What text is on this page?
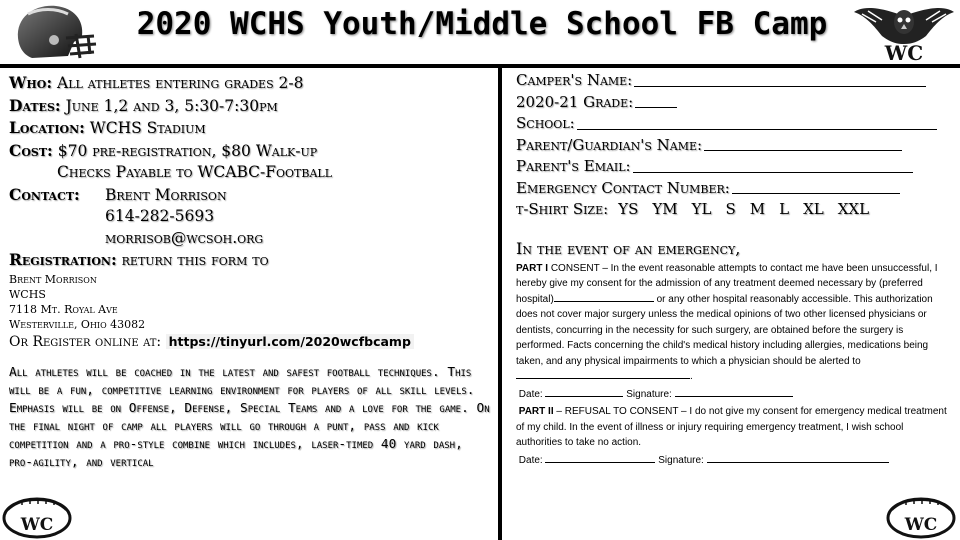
2020 WCHS Youth/Middle School FB Camp
WC
Who: All athletes entering grades 2-8
Dates: June 1,2 and 3, 5:30-7:30pm
Location: WCHS Stadium
Cost: $70 pre-registration, $80 Walk-up
Checks Payable to WCABC-Football
Contact: Brent Morrison
614-282-5693
morrisob@wcsoh.org
Registration: return this form to
Brent Morrison
WCHS
7118 Mt. Royal Ave
Westerville, Ohio 43082
Or Register online at: https://tinyurl.com/2020wcfbcamp
All athletes will be coached in the latest and safest football techniques. This will be a fun, competitive learning environment for players of all skill levels. Emphasis will be on Offense, Defense, Special Teams and a love for the game. On the final night of camp all players will go through a punt, pass and kick competition and a pro-style combine which includes, laser-timed 40 yard dash, pro-agility, and vertical
Camper's Name:
2020-21 Grade:
School:
Parent/Guardian's Name:
Parent's Email:
Emergency Contact Number:
t-Shirt Size: YS YM YL S M L XL XXL
In the event of an emergency,
PART I CONSENT – In the event reasonable attempts to contact me have been unsuccessful, I hereby give my consent for the admission of any treatment deemed necessary by (preferred hospital)	or any other hospital reasonably accessible. This authorization does not cover major surgery unless the medical opinions of two other licensed physicians or dentists, concurring in the necessity for such surgery, are obtained before the surgery is performed. Facts concerning the child's medical history including allergies, medications being taken, and any physical impairments to which a physician should be alerted to.
Date:	Signature:
PART II – REFUSAL TO CONSENT – I do not give my consent for emergency medical treatment of my child. In the event of illness or injury requiring emergency treatment, I wish school authorities to take no action.
Date:	Signature:
WC	WC
